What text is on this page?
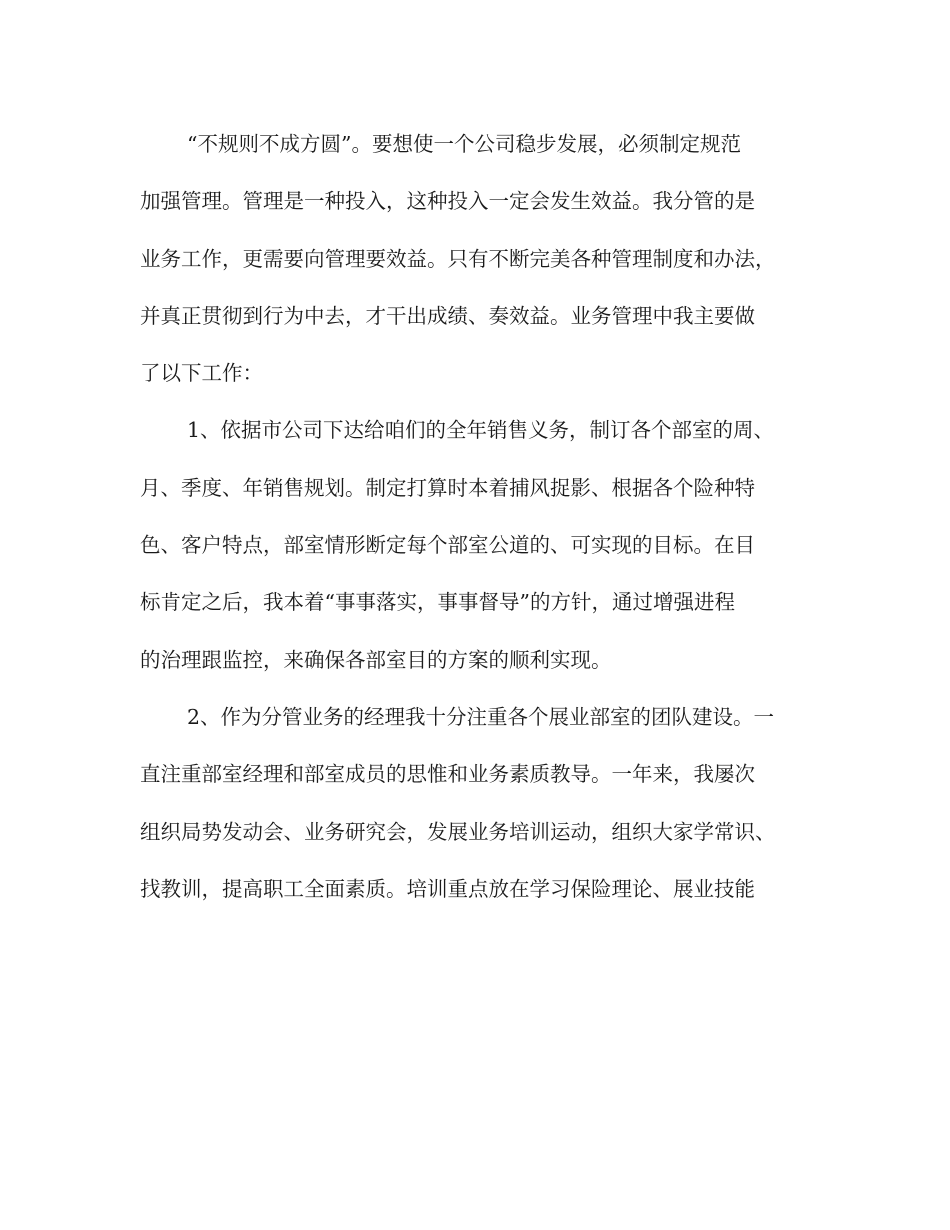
“不规则不成方圆”。要想使一个公司稳步发展，必须制定规范
加强管理。管理是一种投入，这种投入一定会发生效益。我分管的是
业务工作，更需要向管理要效益。只有不断完美各种管理制度和办法，
并真正贯彻到行为中去，才干出成绩、奏效益。业务管理中我主要做
了以下工作：
1、依据市公司下达给咱们的全年销售义务，制订各个部室的周、
月、季度、年销售规划。制定打算时本着捕风捉影、根据各个险种特
色、客户特点，部室情形断定每个部室公道的、可实现的目标。在目
标肯定之后，我本着“事事落实，事事督导”的方针，通过增强进程
的治理跟监控，来确保各部室目的方案的顺利实现。
2、作为分管业务的经理我十分注重各个展业部室的团队建设。一
直注重部室经理和部室成员的思惟和业务素质教导。一年来，我屡次
组织局势发动会、业务研究会，发展业务培训运动，组织大家学常识、
找教训，提高职工全面素质。培训重点放在学习保险理论、展业技能
